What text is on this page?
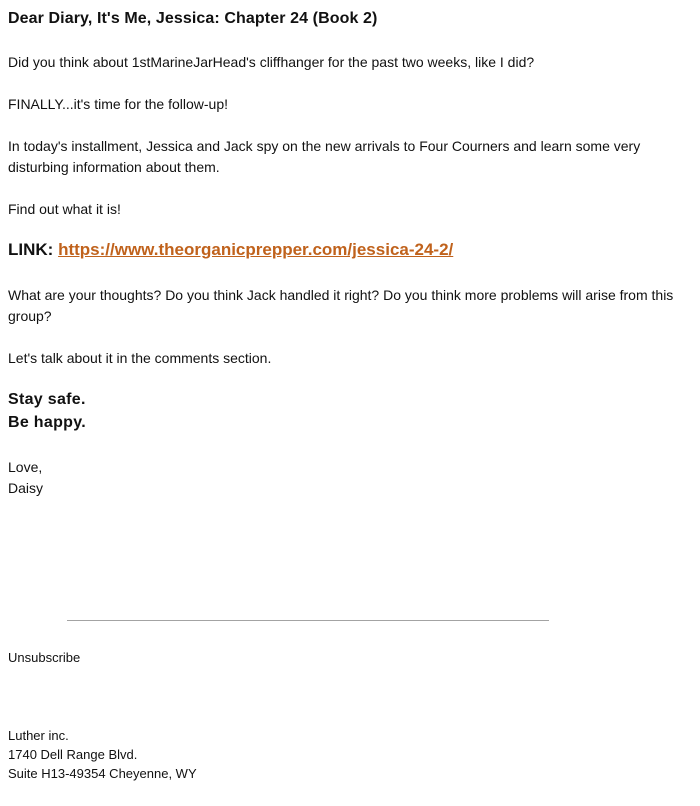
Dear Diary, It's Me, Jessica: Chapter 24 (Book 2)

Did you think about 1stMarineJarHead's cliffhanger for the past two weeks, like I did?

FINALLY...it's time for the follow-up!

In today's installment, Jessica and Jack spy on the new arrivals to Four Courners and learn some very disturbing information about them.

Find out what it is!

LINK: https://www.theorganicprepper.com/jessica-24-2/

What are your thoughts? Do you think Jack handled it right? Do you think more problems will arise from this group?

Let's talk about it in the comments section.

Stay safe.
Be happy.

Love,

Daisy

Unsubscribe
Luther inc.
1740 Dell Range Blvd.
Suite H13-49354 Cheyenne, WY
